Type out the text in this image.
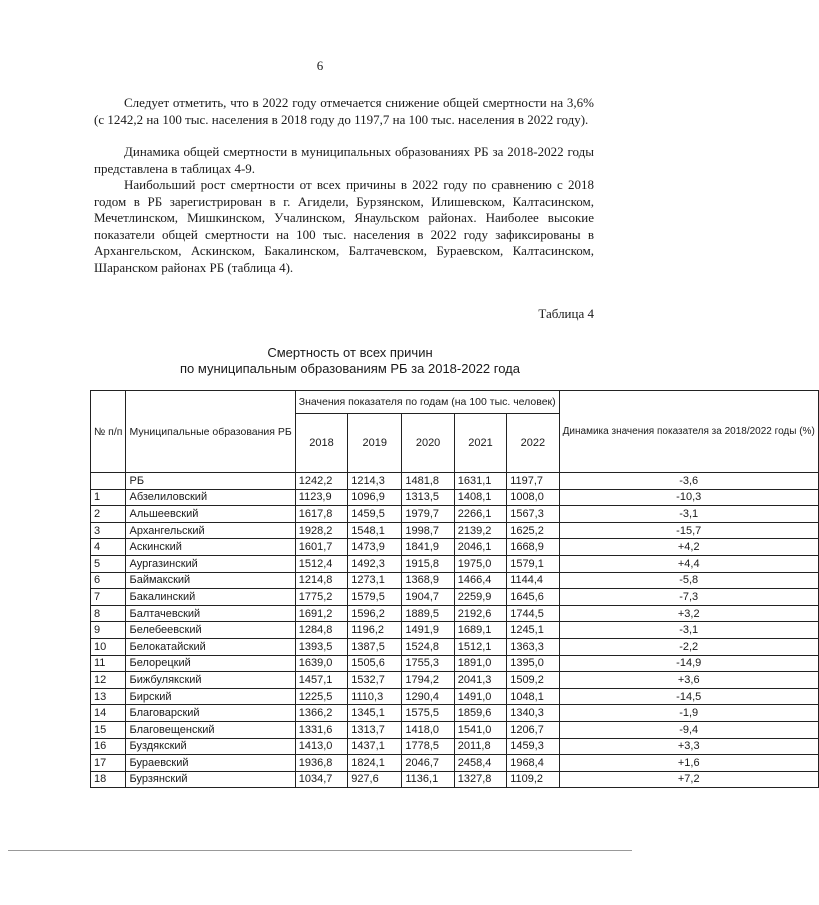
6

Следует отметить, что в 2022 году отмечается снижение общей смертности на 3,6% (с 1242,2 на 100 тыс. населения в 2018 году до 1197,7 на 100 тыс. населения в 2022 году).

Динамика общей смертности в муниципальных образованиях РБ за 2018-2022 годы представлена в таблицах 4-9.

Наибольший рост смертности от всех причины в 2022 году по сравнению с 2018 годом в РБ зарегистрирован в г. Агидели, Бурзянском, Илишевском, Калтасинском, Мечетлинском, Мишкинском, Учалинском, Янаульском районах. Наиболее высокие показатели общей смертности на 100 тыс. населения в 2022 году зафиксированы в Архангельском, Аскинском, Бакалинском, Балтачевском, Бураевском, Калтасинском, Шаранском районах РБ (таблица 4).

Таблица 4
Смертность от всех причин
по муниципальным образованиям РБ за 2018-2022 года
№ п/п	Муниципальные образования РБ	Значения показателя по годам (на 100 тыс. человек)					Динамика значения показателя за 2018/2022 годы (%)
		2018	2019	2020	2021	2022	
	РБ	1242,2	1214,3	1481,8	1631,1	1197,7	-3,6
1	Абзелиловский	1123,9	1096,9	1313,5	1408,1	1008,0	-10,3
2	Альшеевский	1617,8	1459,5	1979,7	2266,1	1567,3	-3,1
3	Архангельский	1928,2	1548,1	1998,7	2139,2	1625,2	-15,7
4	Аскинский	1601,7	1473,9	1841,9	2046,1	1668,9	+4,2
5	Аургазинский	1512,4	1492,3	1915,8	1975,0	1579,1	+4,4
6	Баймакский	1214,8	1273,1	1368,9	1466,4	1144,4	-5,8
7	Бакалинский	1775,2	1579,5	1904,7	2259,9	1645,6	-7,3
8	Балтачевский	1691,2	1596,2	1889,5	2192,6	1744,5	+3,2
9	Белебеевский	1284,8	1196,2	1491,9	1689,1	1245,1	-3,1
10	Белокатайский	1393,5	1387,5	1524,8	1512,1	1363,3	-2,2
11	Белорецкий	1639,0	1505,6	1755,3	1891,0	1395,0	-14,9
12	Бижбулякский	1457,1	1532,7	1794,2	2041,3	1509,2	+3,6
13	Бирский	1225,5	1110,3	1290,4	1491,0	1048,1	-14,5
14	Благоварский	1366,2	1345,1	1575,5	1859,6	1340,3	-1,9
15	Благовещенский	1331,6	1313,7	1418,0	1541,0	1206,7	-9,4
16	Буздякский	1413,0	1437,1	1778,5	2011,8	1459,3	+3,3
17	Бураевский	1936,8	1824,1	2046,7	2458,4	1968,4	+1,6
18	Бурзянский	1034,7	927,6	1136,1	1327,8	1109,2	+7,2
